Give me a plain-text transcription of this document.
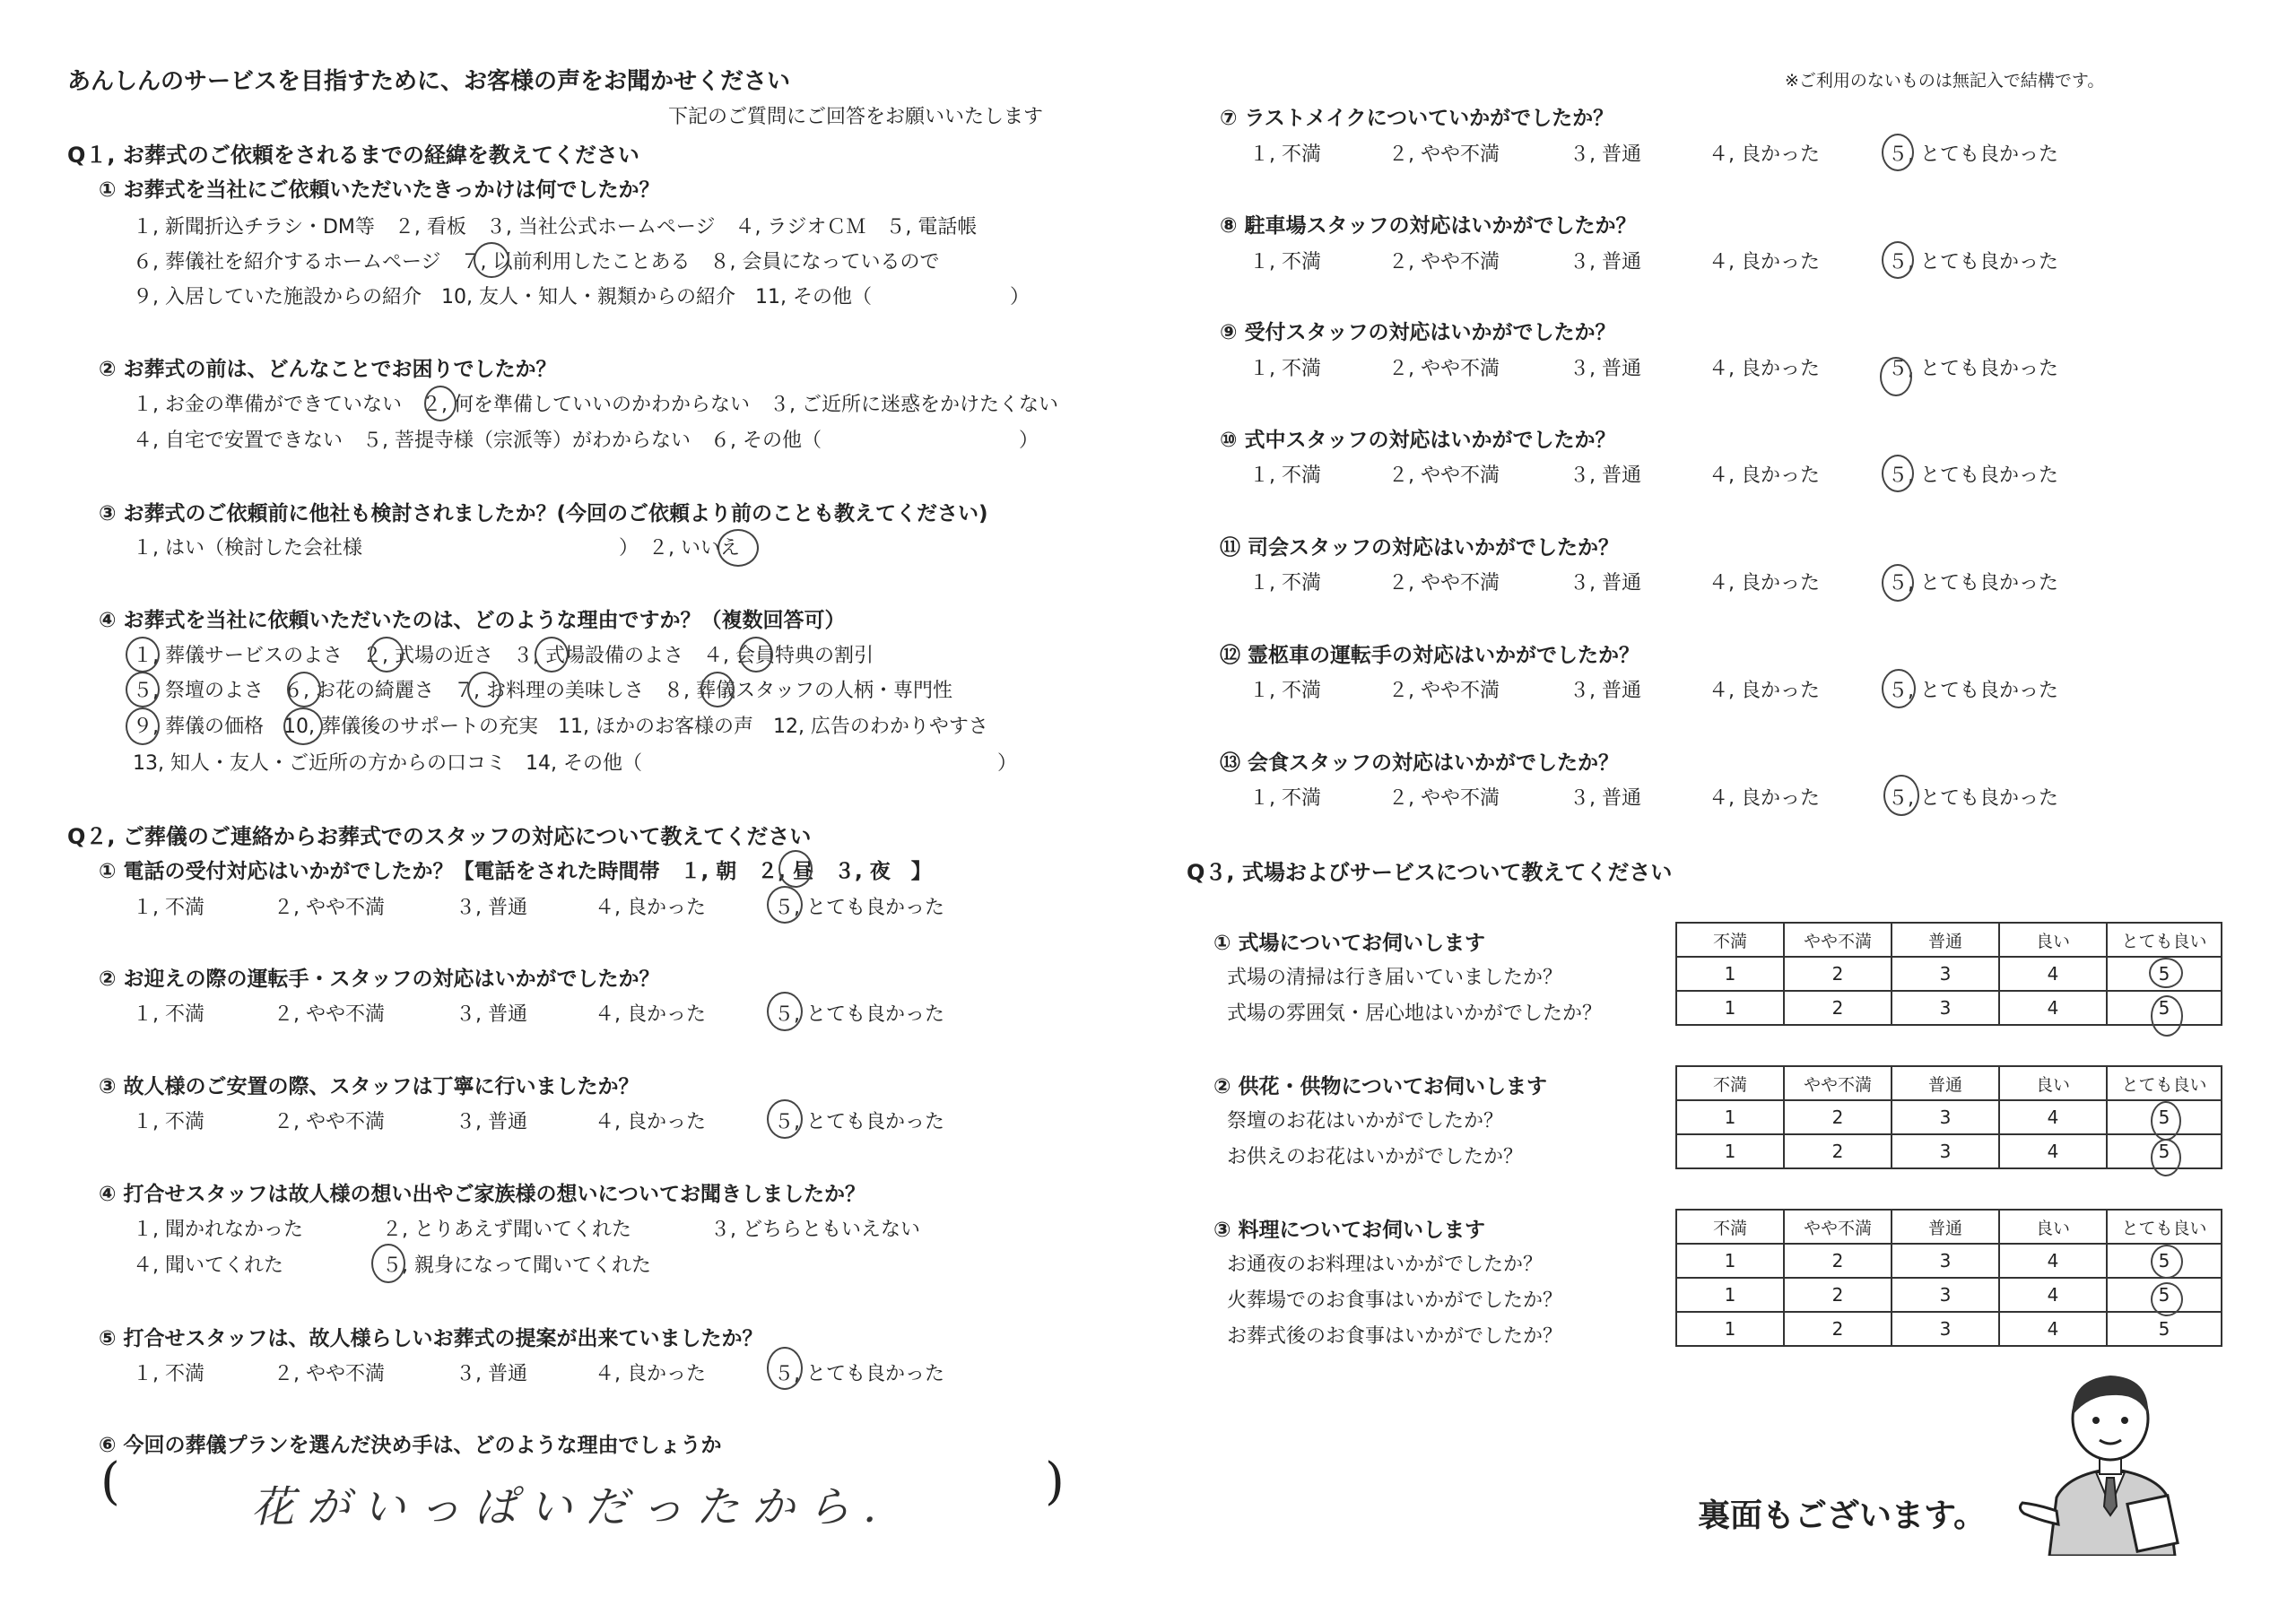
あんしんのサービスを目指すために、お客様の声をお聞かせください
下記のご質問にご回答をお願いいたします
※ご利用のないものは無記入で結構です。
Q１, お葬式のご依頼をされるまでの経緯を教えてください
① お葬式を当社にご依頼いただいたきっかけは何でしたか？
１, 新聞折込チラシ・DM等　２, 看板　３, 当社公式ホームページ　４, ラジオＣＭ　５, 電話帳
６, 葬儀社を紹介するホームページ　７, 以前利用したことある　８, 会員になっているので
９, 入居していた施設からの紹介　10, 友人・知人・親類からの紹介　11, その他（　　　　　　　）
② お葬式の前は、どんなことでお困りでしたか？
１, お金の準備ができていない　２, 何を準備していいのかわからない　３, ご近所に迷惑をかけたくない
４, 自宅で安置できない　５, 菩提寺様（宗派等）がわからない　６, その他（　　　　　　　　　　）
③ お葬式のご依頼前に他社も検討されましたか？(今回のご依頼より前のことも教えてください)
１, はい（検討した会社様　　　　　　　　　　　　　）　２, いいえ
④ お葬式を当社に依頼いただいたのは、どのような理由ですか？（複数回答可）
１, 葬儀サービスのよさ　２, 式場の近さ　３, 式場設備のよさ　４, 会員特典の割引
５, 祭壇のよさ　６, お花の綺麗さ　７, お料理の美味しさ　８, 葬儀スタッフの人柄・専門性
９, 葬儀の価格　10, 葬儀後のサポートの充実　11, ほかのお客様の声　12, 広告のわかりやすさ
13, 知人・友人・ご近所の方からの口コミ　14, その他（　　　　　　　　　　　　　　　　　　）
Q２, ご葬儀のご連絡からお葬式でのスタッフの対応について教えてください
① 電話の受付対応はいかがでしたか？【電話をされた時間帯　１, 朝　２, 昼　３, 夜　】
１, 不満	２, やや不満	３, 普通	４, 良かった	５, とても良かった
② お迎えの際の運転手・スタッフの対応はいかがでしたか？
１, 不満	２, やや不満	３, 普通	４, 良かった	５, とても良かった
③ 故人様のご安置の際、スタッフは丁寧に行いましたか？
１, 不満	２, やや不満	３, 普通	４, 良かった	５, とても良かった
④ 打合せスタッフは故人様の想い出やご家族様の想いについてお聞きしましたか？
１, 聞かれなかった　　　　２, とりあえず聞いてくれた　　　　３, どちらともいえない
４, 聞いてくれた　　　　　５, 親身になって聞いてくれた
⑤ 打合せスタッフは、故人様らしいお葬式の提案が出来ていましたか？
１, 不満	２, やや不満	３, 普通	４, 良かった	５, とても良かった
⑥ 今回の葬儀プランを選んだ決め手は、どのような理由でしょうか
(	花がいっぱいだったから.	)
⑦ ラストメイクについていかがでしたか？
１, 不満	２, やや不満	３, 普通	４, 良かった	５, とても良かった
⑧ 駐車場スタッフの対応はいかがでしたか？
１, 不満	２, やや不満	３, 普通	４, 良かった	５, とても良かった
⑨ 受付スタッフの対応はいかがでしたか？
１, 不満	２, やや不満	３, 普通	４, 良かった	５, とても良かった
⑩ 式中スタッフの対応はいかがでしたか？
１, 不満	２, やや不満	３, 普通	４, 良かった	５, とても良かった
⑪ 司会スタッフの対応はいかがでしたか？
１, 不満	２, やや不満	３, 普通	４, 良かった	５, とても良かった
⑫ 霊柩車の運転手の対応はいかがでしたか？
１, 不満	２, やや不満	３, 普通	４, 良かった	５, とても良かった
⑬ 会食スタッフの対応はいかがでしたか？
１, 不満	２, やや不満	３, 普通	４, 良かった	５, とても良かった
Q３, 式場およびサービスについて教えてください
① 式場についてお伺いします
式場の清掃は行き届いていましたか？
式場の雰囲気・居心地はいかがでしたか？
不満	やや不満	普通	良い	とても良い
1	2	3	4	5
1	2	3	4	5
② 供花・供物についてお伺いします
祭壇のお花はいかがでしたか？
お供えのお花はいかがでしたか？
不満	やや不満	普通	良い	とても良い
1	2	3	4	5
1	2	3	4	5
③ 料理についてお伺いします
お通夜のお料理はいかがでしたか？
火葬場でのお食事はいかがでしたか？
お葬式後のお食事はいかがでしたか？
不満	やや不満	普通	良い	とても良い
1	2	3	4	5
1	2	3	4	5
1	2	3	4	5
裏面もございます。
